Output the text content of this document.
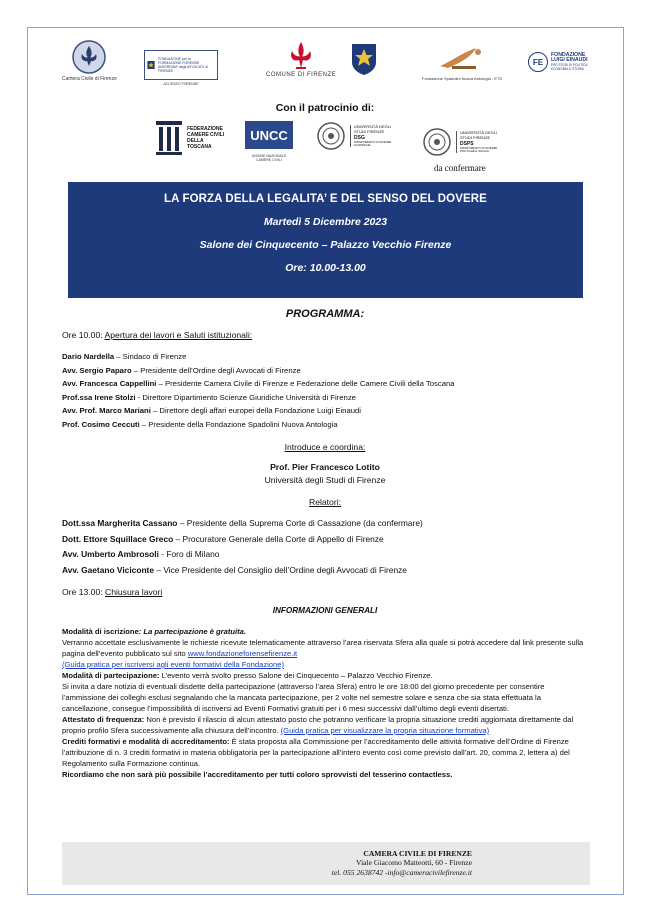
Camera Civile di Firenze
FONDAZIONE per la FORMAZIONE FORENSE dell'ORDINE degli AVVOCATI di FIRENZE
ACCESSO FORENSE
COMUNE DI FIRENZE
Fondazione Spadolini Nuova Antologia - ETS
FE
FONDAZIONE LUIGI EINAUDI
PER STUDI DI POLITICA ECONOMIA E STORIA
Con il patrocinio di:
FEDERAZIONE CAMERE CIVILI DELLA TOSCANA
UNCC
UNIONE NAZIONALE CAMERE CIVILI
UNIVERSITÀ DEGLI STUDI FIRENZE
DSG
DIPARTIMENTO DI SCIENZE GIURIDICHE
UNIVERSITÀ DEGLI STUDI FIRENZE
DSPS
DIPARTIMENTO DI SCIENZE POLITICHE E SOCIALI
da confermare
LA FORZA DELLA LEGALITA’ E DEL SENSO DEL DOVERE
Martedì 5 Dicembre 2023
Salone dei Cinquecento – Palazzo Vecchio Firenze
Ore: 10.00-13.00
PROGRAMMA:
Ore 10.00: Apertura dei lavori e Saluti istituzionali:
Dario Nardella – Sindaco di Firenze
Avv. Sergio Paparo – Presidente dell’Ordine degli Avvocati di Firenze
Avv. Francesca Cappellini – Presidente Camera Civile di Firenze e Federazione delle Camere Civili della Toscana
Prof.ssa Irene Stolzi - Direttore Dipartimento Scienze Giuridiche Università di Firenze
Avv. Prof. Marco Mariani – Direttore degli affari europei della Fondazione Luigi Einaudi
Prof. Cosimo Ceccuti – Presidente della Fondazione Spadolini Nuova Antologia
Introduce e coordina:
Prof. Pier Francesco Lotito
Università degli Studi di Firenze
Relatori:
Dott.ssa Margherita Cassano – Presidente della Suprema Corte di Cassazione (da confermare)
Dott. Ettore Squillace Greco – Procuratore Generale della Corte di Appello di Firenze
Avv. Umberto Ambrosoli - Foro di Milano
Avv. Gaetano Viciconte – Vice Presidente del Consiglio dell’Ordine degli Avvocati di Firenze
Ore 13.00: Chiusura lavori
INFORMAZIONI GENERALI
Modalità di iscrizione: La partecipazione è gratuita.
Verranno accettate esclusivamente le richieste ricevute telematicamente attraverso l’area riservata Sfera alla quale si potrà accedere dal link presente sulla pagina dell’evento pubblicato sul sito www.fondazioneforensefirenze.it
(Guida pratica per iscriversi agli eventi formativi della Fondazione)
Modalità di partecipazione: L’evento verrà svolto presso Salone dei Cinquecento – Palazzo Vecchio Firenze.
Si invita a dare notizia di eventuali disdette della partecipazione (attraverso l’area Sfera) entro le ore 18:00 del giorno precedente per consentire l’ammissione dei colleghi esclusi segnalando che la mancata partecipazione, per 2 volte nel semestre solare e senza che sia stata effettuata la cancellazione, consegue l’impossibilità di iscriversi ad Eventi Formativi gratuiti per i 6 mesi successivi dall’ultimo degli eventi disertati.
Attestato di frequenza: Non è previsto il rilascio di alcun attestato posto che potranno verificare la propria situazione crediti aggiornata direttamente dal proprio profilo Sfera successivamente alla chiusura dell’incontro. (Guida pratica per visualizzare la propria situazione formativa)
Crediti formativi e modalità di accreditamento: È stata proposta alla Commissione per l’accreditamento delle attività formative dell’Ordine di Firenze l’attribuzione di n. 3 crediti formativi in materia obbligatoria per la partecipazione all’intero evento così come previsto dall’art. 20, comma 2, lettera a) del Regolamento sulla Formazione continua.
Ricordiamo che non sarà più possibile l’accreditamento per tutti coloro sprovvisti del tesserino contactless.
CAMERA CIVILE DI FIRENZE
Viale Giacomo Matteotti, 60 - Firenze
tel. 055 2638742 -info@cameracivilefirenze.it
